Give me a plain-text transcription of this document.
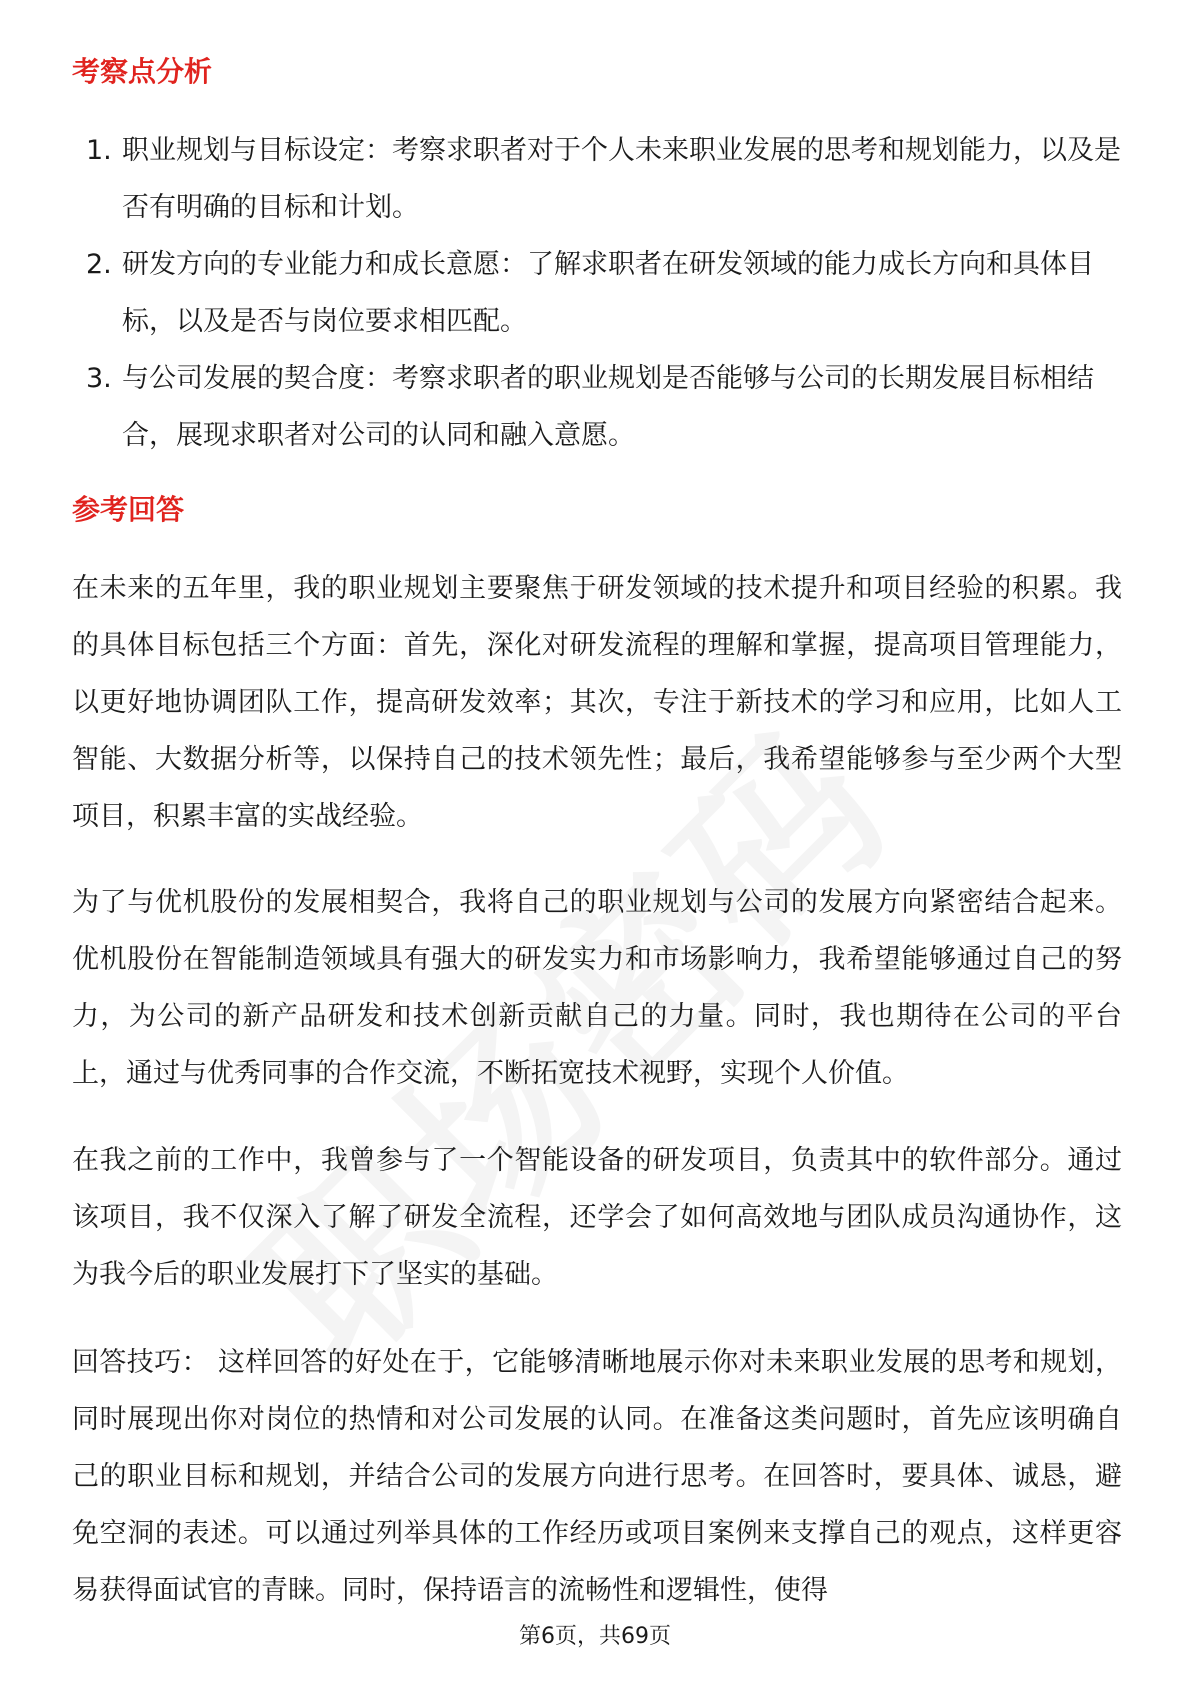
考察点分析
1. 职业规划与目标设定：考察求职者对于个人未来职业发展的思考和规划能力，以及是否有明确的目标和计划。
2. 研发方向的专业能力和成长意愿：了解求职者在研发领域的能力成长方向和具体目标，以及是否与岗位要求相匹配。
3. 与公司发展的契合度：考察求职者的职业规划是否能够与公司的长期发展目标相结合，展现求职者对公司的认同和融入意愿。
参考回答

在未来的五年里，我的职业规划主要聚焦于研发领域的技术提升和项目经验的积累。我的具体目标包括三个方面：首先，深化对研发流程的理解和掌握，提高项目管理能力，以更好地协调团队工作，提高研发效率；其次，专注于新技术的学习和应用，比如人工智能、大数据分析等，以保持自己的技术领先性；最后，我希望能够参与至少两个大型项目，积累丰富的实战经验。

为了与优机股份的发展相契合，我将自己的职业规划与公司的发展方向紧密结合起来。优机股份在智能制造领域具有强大的研发实力和市场影响力，我希望能够通过自己的努力，为公司的新产品研发和技术创新贡献自己的力量。同时，我也期待在公司的平台上，通过与优秀同事的合作交流，不断拓宽技术视野，实现个人价值。

在我之前的工作中，我曾参与了一个智能设备的研发项目，负责其中的软件部分。通过该项目，我不仅深入了解了研发全流程，还学会了如何高效地与团队成员沟通协作，这为我今后的职业发展打下了坚实的基础。

回答技巧： 这样回答的好处在于，它能够清晰地展示你对未来职业发展的思考和规划，同时展现出你对岗位的热情和对公司发展的认同。在准备这类问题时，首先应该明确自己的职业目标和规划，并结合公司的发展方向进行思考。在回答时，要具体、诚恳，避免空洞的表述。可以通过列举具体的工作经历或项目案例来支撑自己的观点，这样更容易获得面试官的青睐。同时，保持语言的流畅性和逻辑性，使得

第6页，共69页
